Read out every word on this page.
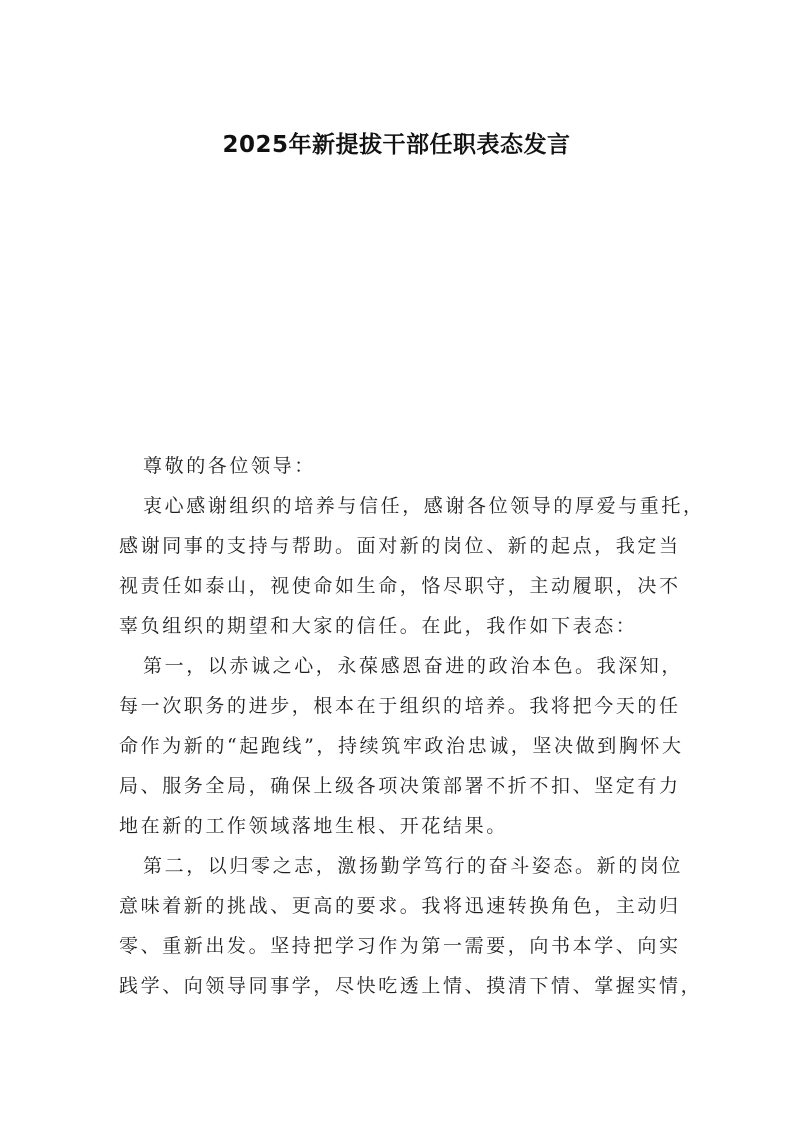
2025年新提拔干部任职表态发言
尊敬的各位领导：
衷心感谢组织的培养与信任，感谢各位领导的厚爱与重托，
感谢同事的支持与帮助。面对新的岗位、新的起点，我定当
视责任如泰山，视使命如生命，恪尽职守，主动履职，决不
辜负组织的期望和大家的信任。在此，我作如下表态：
第一，以赤诚之心，永葆感恩奋进的政治本色。我深知，
每一次职务的进步，根本在于组织的培养。我将把今天的任
命作为新的“起跑线”，持续筑牢政治忠诚，坚决做到胸怀大
局、服务全局，确保上级各项决策部署不折不扣、坚定有力
地在新的工作领域落地生根、开花结果。
第二，以归零之志，激扬勤学笃行的奋斗姿态。新的岗位
意味着新的挑战、更高的要求。我将迅速转换角色，主动归
零、重新出发。坚持把学习作为第一需要，向书本学、向实
践学、向领导同事学，尽快吃透上情、摸清下情、掌握实情，
